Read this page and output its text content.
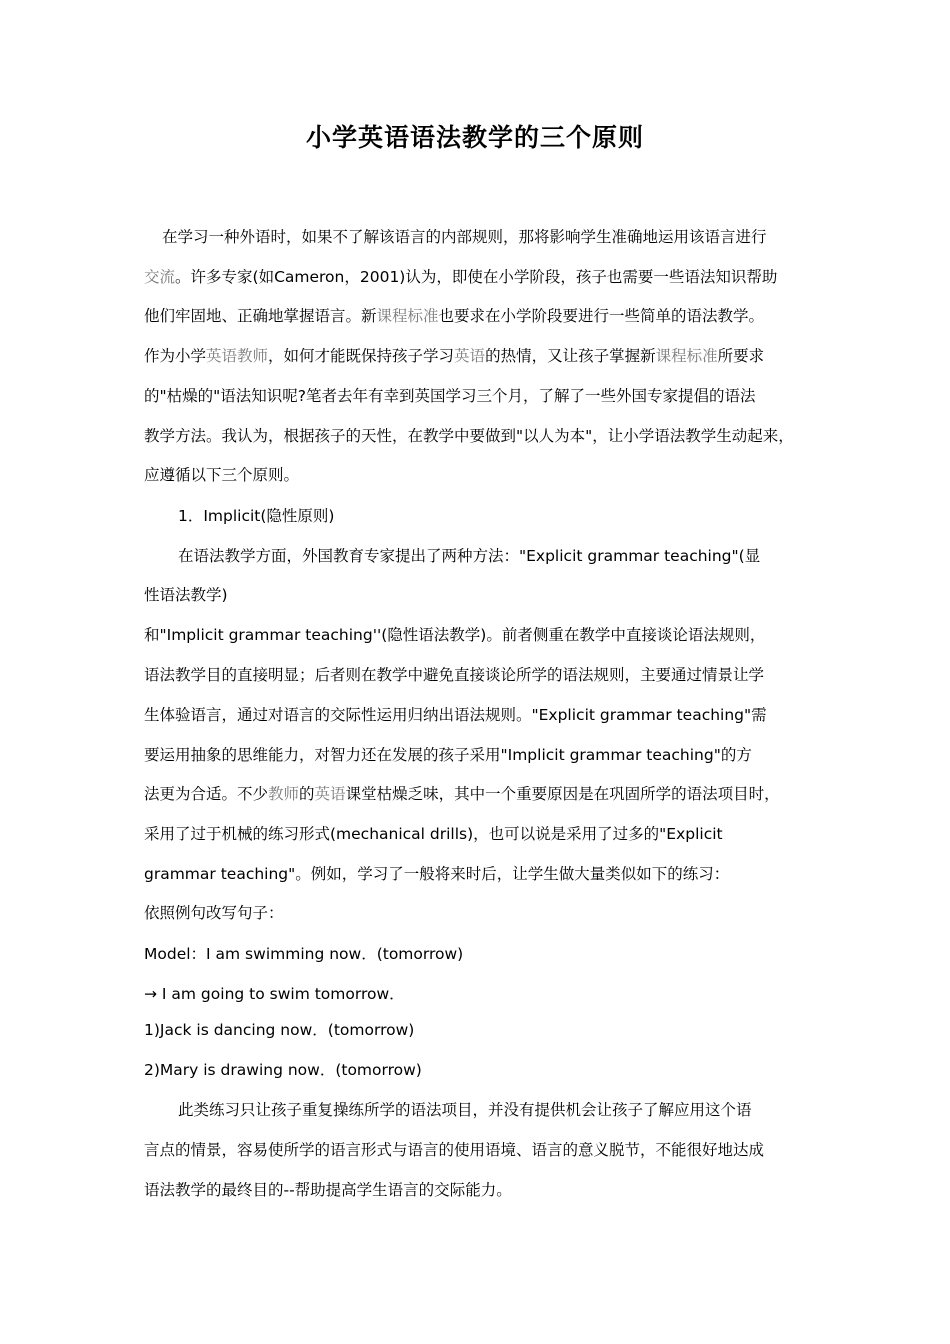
小学英语语法教学的三个原则
在学习一种外语时，如果不了解该语言的内部规则，那将影响学生准确地运用该语言进行
交流。许多专家(如Cameron，2001)认为，即使在小学阶段，孩子也需要一些语法知识帮助
他们牢固地、正确地掌握语言。新课程标准也要求在小学阶段要进行一些简单的语法教学。
作为小学英语教师，如何才能既保持孩子学习英语的热情，又让孩子掌握新课程标准所要求
的"枯燥的"语法知识呢?笔者去年有幸到英国学习三个月，了解了一些外国专家提倡的语法
教学方法。我认为，根据孩子的天性，在教学中要做到"以人为本"，让小学语法教学生动起来，
应遵循以下三个原则。
1．Implicit(隐性原则)
在语法教学方面，外国教育专家提出了两种方法："Explicit grammar teaching"(显
性语法教学)
和"Implicit grammar teaching''(隐性语法教学)。前者侧重在教学中直接谈论语法规则，
语法教学目的直接明显；后者则在教学中避免直接谈论所学的语法规则，主要通过情景让学
生体验语言，通过对语言的交际性运用归纳出语法规则。"Explicit grammar teaching"需
要运用抽象的思维能力，对智力还在发展的孩子采用"Implicit grammar teaching"的方
法更为合适。不少教师的英语课堂枯燥乏味，其中一个重要原因是在巩固所学的语法项目时，
采用了过于机械的练习形式(mechanical drills)，也可以说是采用了过多的"Explicit
grammar teaching"。例如，学习了一般将来时后，让学生做大量类似如下的练习：
依照例句改写句子：
Model：I am swimming now．(tomorrow)
→ I am going to swim tomorrow．
1)Jack is dancing now．(tomorrow)
2)Mary is drawing now．(tomorrow)
此类练习只让孩子重复操练所学的语法项目，并没有提供机会让孩子了解应用这个语
言点的情景，容易使所学的语言形式与语言的使用语境、语言的意义脱节，不能很好地达成
语法教学的最终目的--帮助提高学生语言的交际能力。
